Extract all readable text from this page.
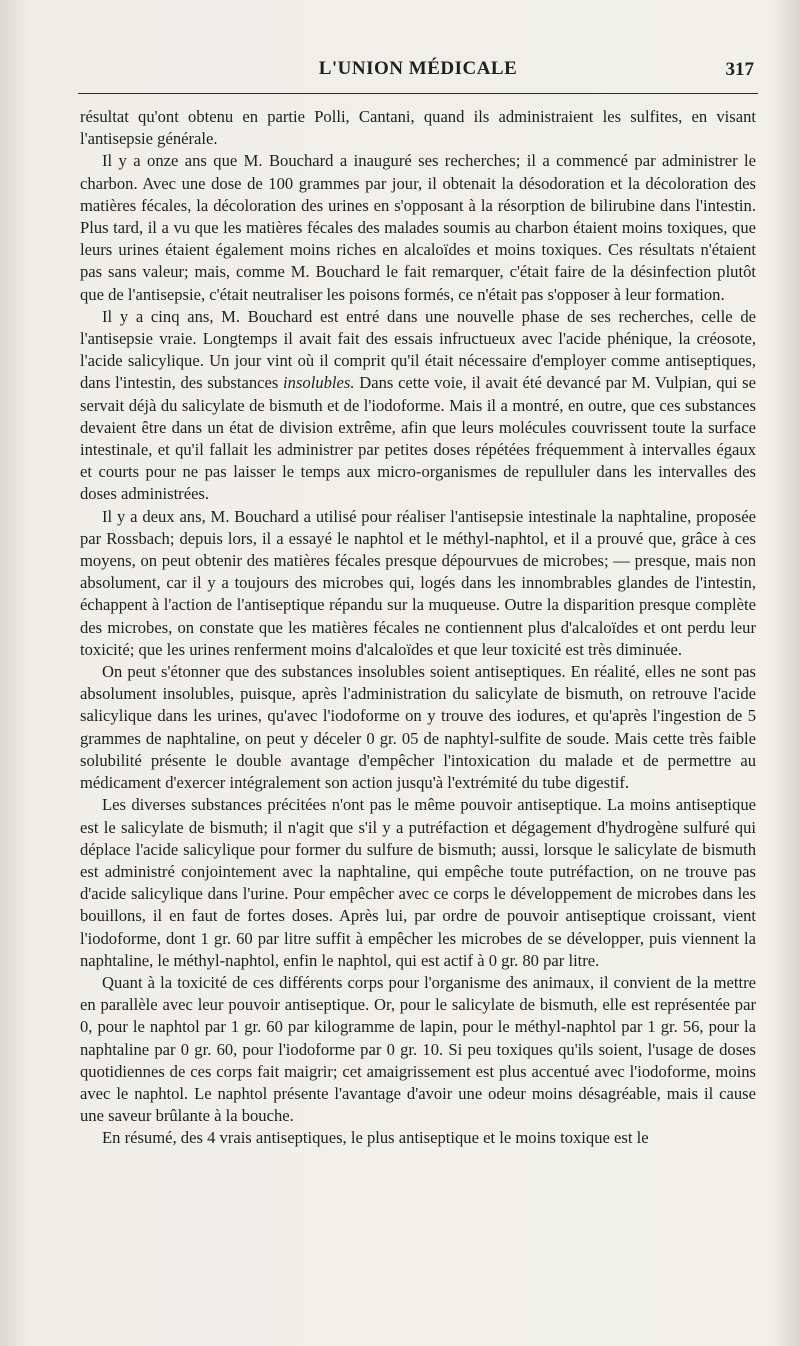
L'UNION MÉDICALE	317

résultat qu'ont obtenu en partie Polli, Cantani, quand ils administraient les sulfites, en visant l'antisepsie générale.

Il y a onze ans que M. Bouchard a inauguré ses recherches; il a commencé par administrer le charbon. Avec une dose de 100 grammes par jour, il obtenait la désodoration et la décoloration des matières fécales, la décoloration des urines en s'opposant à la résorption de bilirubine dans l'intestin. Plus tard, il a vu que les matières fécales des malades soumis au charbon étaient moins toxiques, que leurs urines étaient également moins riches en alcaloïdes et moins toxiques. Ces résultats n'étaient pas sans valeur; mais, comme M. Bouchard le fait remarquer, c'était faire de la désinfection plutôt que de l'antisepsie, c'était neutraliser les poisons formés, ce n'était pas s'opposer à leur formation.

Il y a cinq ans, M. Bouchard est entré dans une nouvelle phase de ses recherches, celle de l'antisepsie vraie. Longtemps il avait fait des essais infructueux avec l'acide phénique, la créosote, l'acide salicylique. Un jour vint où il comprit qu'il était nécessaire d'employer comme antiseptiques, dans l'intestin, des substances insolubles. Dans cette voie, il avait été devancé par M. Vulpian, qui se servait déjà du salicylate de bismuth et de l'iodoforme. Mais il a montré, en outre, que ces substances devaient être dans un état de division extrême, afin que leurs molécules couvrissent toute la surface intestinale, et qu'il fallait les administrer par petites doses répétées fréquemment à intervalles égaux et courts pour ne pas laisser le temps aux micro-organismes de repulluler dans les intervalles des doses administrées.

Il y a deux ans, M. Bouchard a utilisé pour réaliser l'antisepsie intestinale la naphtaline, proposée par Rossbach; depuis lors, il a essayé le naphtol et le méthyl-naphtol, et il a prouvé que, grâce à ces moyens, on peut obtenir des matières fécales presque dépourvues de microbes; — presque, mais non absolument, car il y a toujours des microbes qui, logés dans les innombrables glandes de l'intestin, échappent à l'action de l'antiseptique répandu sur la muqueuse. Outre la disparition presque complète des microbes, on constate que les matières fécales ne contiennent plus d'alcaloïdes et ont perdu leur toxicité; que les urines renferment moins d'alcaloïdes et que leur toxicité est très diminuée.

On peut s'étonner que des substances insolubles soient antiseptiques. En réalité, elles ne sont pas absolument insolubles, puisque, après l'administration du salicylate de bismuth, on retrouve l'acide salicylique dans les urines, qu'avec l'iodoforme on y trouve des iodures, et qu'après l'ingestion de 5 grammes de naphtaline, on peut y déceler 0 gr. 05 de naphtyl-sulfite de soude. Mais cette très faible solubilité présente le double avantage d'empêcher l'intoxication du malade et de permettre au médicament d'exercer intégralement son action jusqu'à l'extrémité du tube digestif.

Les diverses substances précitées n'ont pas le même pouvoir antiseptique. La moins antiseptique est le salicylate de bismuth; il n'agit que s'il y a putréfaction et dégagement d'hydrogène sulfuré qui déplace l'acide salicylique pour former du sulfure de bismuth; aussi, lorsque le salicylate de bismuth est administré conjointement avec la naphtaline, qui empêche toute putréfaction, on ne trouve pas d'acide salicylique dans l'urine. Pour empêcher avec ce corps le développement de microbes dans les bouillons, il en faut de fortes doses. Après lui, par ordre de pouvoir antiseptique croissant, vient l'iodoforme, dont 1 gr. 60 par litre suffit à empêcher les microbes de se développer, puis viennent la naphtaline, le méthyl-naphtol, enfin le naphtol, qui est actif à 0 gr. 80 par litre.

Quant à la toxicité de ces différents corps pour l'organisme des animaux, il convient de la mettre en parallèle avec leur pouvoir antiseptique. Or, pour le salicylate de bismuth, elle est représentée par 0, pour le naphtol par 1 gr. 60 par kilogramme de lapin, pour le méthyl-naphtol par 1 gr. 56, pour la naphtaline par 0 gr. 60, pour l'iodoforme par 0 gr. 10. Si peu toxiques qu'ils soient, l'usage de doses quotidiennes de ces corps fait maigrir; cet amaigrissement est plus accentué avec l'iodoforme, moins avec le naphtol. Le naphtol présente l'avantage d'avoir une odeur moins désagréable, mais il cause une saveur brûlante à la bouche.

En résumé, des 4 vrais antiseptiques, le plus antiseptique et le moins toxique est le
